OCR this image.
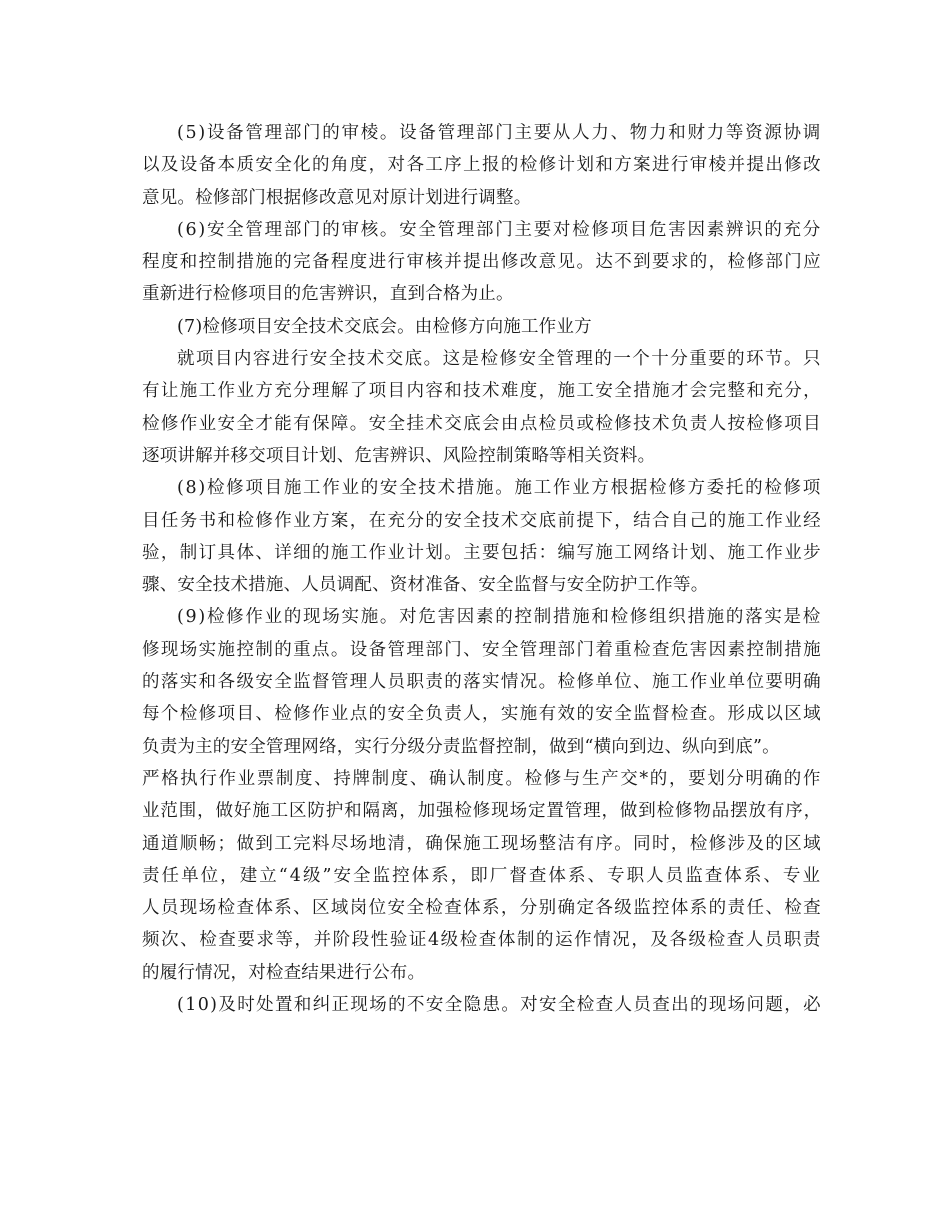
(5)设备管理部门的审棱。设备管理部门主要从人力、物力和财力等资源协调
以及设备本质安全化的角度，对各工序上报的检修计划和方案进行审棱并提出修改
意见。检修部门根据修改意见对原计划进行调整。
(6)安全管理部门的审核。安全管理部门主要对检修项目危害因素辨识的充分
程度和控制措施的完备程度进行审核并提出修改意见。达不到要求的，检修部门应
重新进行检修项目的危害辨识，直到合格为止。
(7)检修项目安全技术交底会。由检修方向施工作业方
就项目内容进行安全技术交底。这是检修安全管理的一个十分重要的环节。只
有让施工作业方充分理解了项目内容和技术难度，施工安全措施才会完整和充分，
检修作业安全才能有保障。安全挂术交底会由点检员或检修技术负责人按检修项目
逐项讲解并移交项目计划、危害辨识、风险控制策略等相关资料。
(8)检修项目施工作业的安全技术措施。施工作业方根据检修方委托的检修项
目任务书和检修作业方案，在充分的安全技术交底前提下，结合自己的施工作业经
验，制订具体、详细的施工作业计划。主要包括：编写施工网络计划、施工作业步
骤、安全技术措施、人员调配、资材准备、安全监督与安全防护工作等。
(9)检修作业的现场实施。对危害因素的控制措施和检修组织措施的落实是检
修现场实施控制的重点。设备管理部门、安全管理部门着重检查危害因素控制措施
的落实和各级安全监督管理人员职责的落实情况。检修单位、施工作业单位要明确
每个检修项目、检修作业点的安全负责人，实施有效的安全监督检查。形成以区域
负责为主的安全管理网络，实行分级分责监督控制，做到“横向到边、纵向到底”。
严格执行作业票制度、持牌制度、确认制度。检修与生产交*的，要划分明确的作
业范围，做好施工区防护和隔离，加强检修现场定置管理，做到检修物品摆放有序，
通道顺畅；做到工完料尽场地清，确保施工现场整洁有序。同时，检修涉及的区域
责任单位，建立“4级”安全监控体系，即厂督查体系、专职人员监查体系、专业
人员现场检查体系、区域岗位安全检查体系，分别确定各级监控体系的责任、检查
频次、检查要求等，并阶段性验证4级检查体制的运作情况，及各级检查人员职责
的履行情况，对检查结果进行公布。
(10)及时处置和纠正现场的不安全隐患。对安全检查人员查出的现场问题，必
